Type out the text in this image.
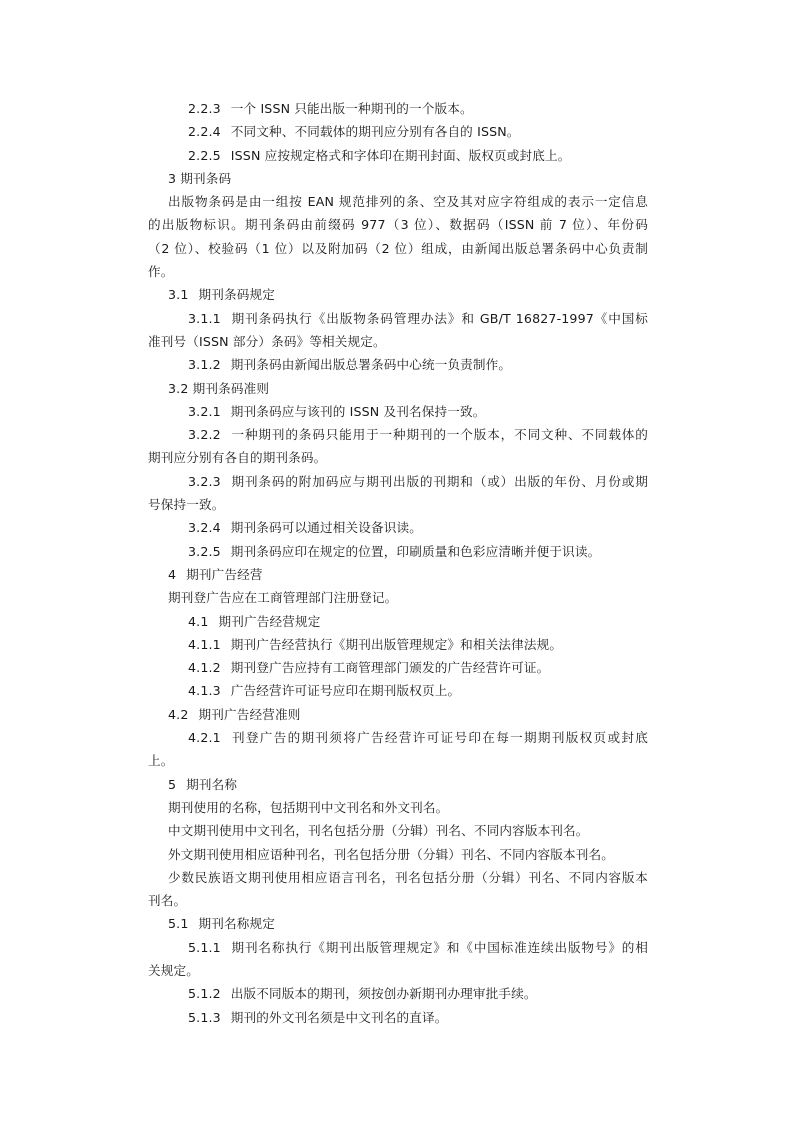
2.2.3 一个 ISSN 只能出版一种期刊的一个版本。
2.2.4 不同文种、不同载体的期刊应分别有各自的 ISSN。
2.2.5 ISSN 应按规定格式和字体印在期刊封面、版权页或封底上。
3 期刊条码
出版物条码是由一组按 EAN 规范排列的条、空及其对应字符组成的表示一定信息
的出版物标识。期刊条码由前缀码 977（3 位）、数据码（ISSN 前 7 位）、年份码
（2 位）、校验码（1 位）以及附加码（2 位）组成，由新闻出版总署条码中心负责制
作。
3.1 期刊条码规定
3.1.1 期刊条码执行《出版物条码管理办法》和 GB/T 16827-1997《中国标
准刊号（ISSN 部分）条码》等相关规定。
3.1.2 期刊条码由新闻出版总署条码中心统一负责制作。
3.2 期刊条码准则
3.2.1 期刊条码应与该刊的 ISSN 及刊名保持一致。
3.2.2 一种期刊的条码只能用于一种期刊的一个版本，不同文种、不同载体的
期刊应分别有各自的期刊条码。
3.2.3 期刊条码的附加码应与期刊出版的刊期和（或）出版的年份、月份或期
号保持一致。
3.2.4 期刊条码可以通过相关设备识读。
3.2.5 期刊条码应印在规定的位置，印刷质量和色彩应清晰并便于识读。
4 期刊广告经营
期刊登广告应在工商管理部门注册登记。
4.1 期刊广告经营规定
4.1.1 期刊广告经营执行《期刊出版管理规定》和相关法律法规。
4.1.2 期刊登广告应持有工商管理部门颁发的广告经营许可证。
4.1.3 广告经营许可证号应印在期刊版权页上。
4.2 期刊广告经营准则
4.2.1 刊登广告的期刊须将广告经营许可证号印在每一期期刊版权页或封底
上。
5 期刊名称
期刊使用的名称，包括期刊中文刊名和外文刊名。
中文期刊使用中文刊名，刊名包括分册（分辑）刊名、不同内容版本刊名。
外文期刊使用相应语种刊名，刊名包括分册（分辑）刊名、不同内容版本刊名。
少数民族语文期刊使用相应语言刊名，刊名包括分册（分辑）刊名、不同内容版本
刊名。
5.1 期刊名称规定
5.1.1 期刊名称执行《期刊出版管理规定》和《中国标准连续出版物号》的相
关规定。
5.1.2 出版不同版本的期刊，须按创办新期刊办理审批手续。
5.1.3 期刊的外文刊名须是中文刊名的直译。
